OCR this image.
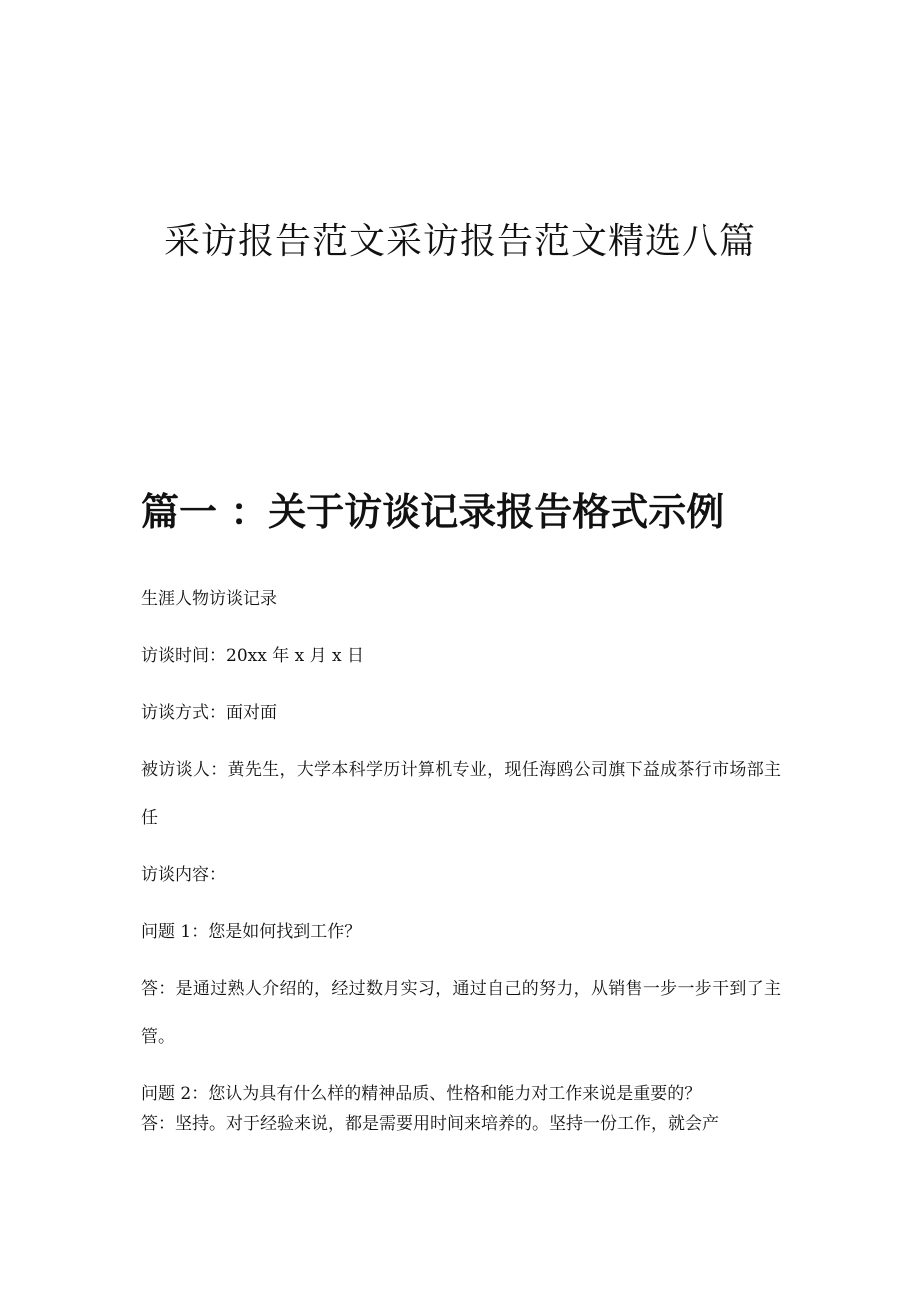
采访报告范文采访报告范文精选八篇
篇一 ：关于访谈记录报告格式示例

生涯人物访谈记录

访谈时间：20xx 年 x 月 x 日

访谈方式：面对面

被访谈人：黄先生，大学本科学历计算机专业，现任海鸥公司旗下益成茶行市场部主任

访谈内容：

问题 1：您是如何找到工作？

答：是通过熟人介绍的，经过数月实习，通过自己的努力，从销售一步一步干到了主管。

问题 2：您认为具有什么样的精神品质、性格和能力对工作来说是重要的？

答：坚持。对于经验来说，都是需要用时间来培养的。坚持一份工作，就会产
